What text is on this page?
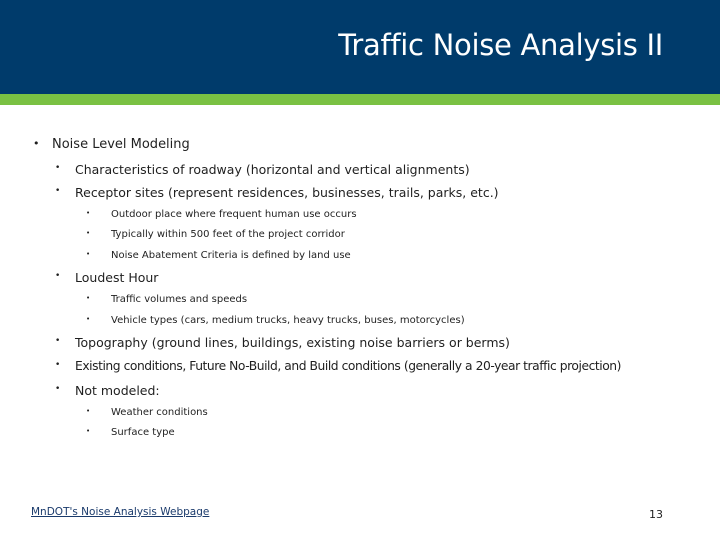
Traffic Noise Analysis II
• Noise Level Modeling
• Characteristics of roadway (horizontal and vertical alignments)
• Receptor sites (represent residences, businesses, trails, parks, etc.)
• Outdoor place where frequent human use occurs
• Typically within 500 feet of the project corridor
• Noise Abatement Criteria is defined by land use
• Loudest Hour
• Traffic volumes and speeds
• Vehicle types (cars, medium trucks, heavy trucks, buses, motorcycles)
• Topography (ground lines, buildings, existing noise barriers or berms)
• Existing conditions, Future No-Build, and Build conditions (generally a 20-year traffic projection)
• Not modeled:
• Weather conditions
• Surface type
MnDOT's Noise Analysis Webpage	13
